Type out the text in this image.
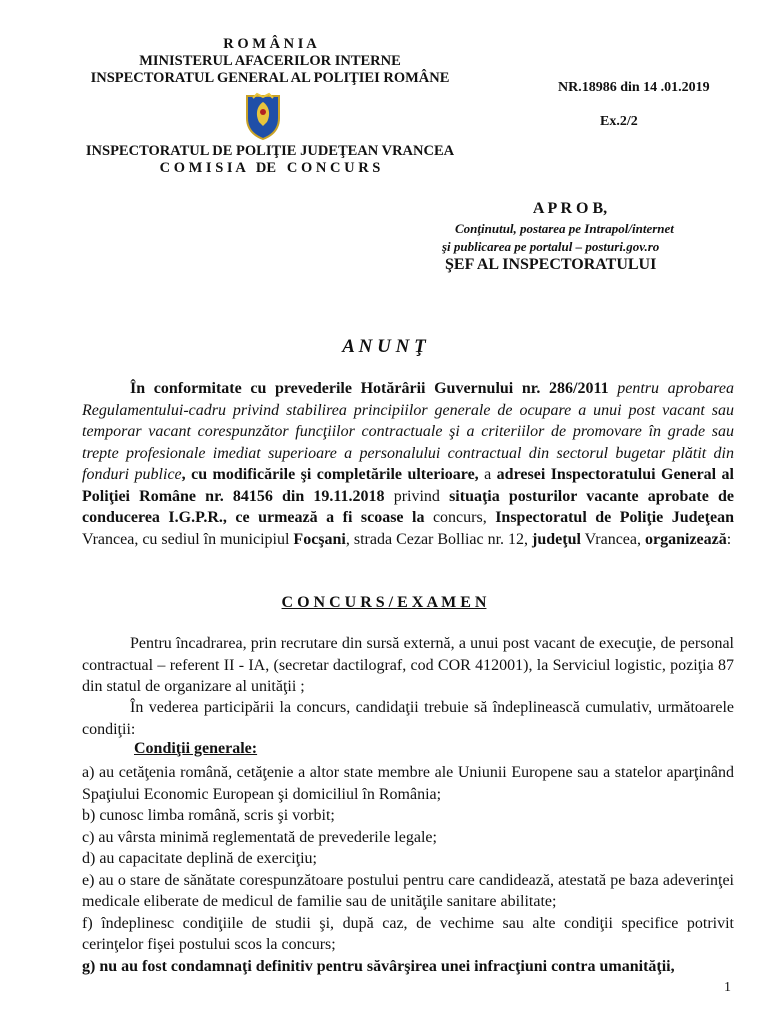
R O M Â N I A
MINISTERUL AFACERILOR INTERNE
INSPECTORATUL GENERAL AL POLIŢIEI ROMÂNE
INSPECTORATUL DE POLIŢIE JUDEŢEAN VRANCEA
C O M I S I A   DE   C O N C U R S
NR.18986 din 14 .01.2019
Ex.2/2
A P R O B,
Conţinutul, postarea pe Intrapol/internet
şi publicarea pe portalul – posturi.gov.ro
ŞEF AL INSPECTORATULUI
A N U N Ţ
În conformitate cu prevederile Hotărârii Guvernului nr. 286/2011 pentru aprobarea Regulamentului-cadru privind stabilirea principiilor generale de ocupare a unui post vacant sau temporar vacant corespunzător funcţiilor contractuale şi a criteriilor de promovare în grade sau trepte profesionale imediat superioare a personalului contractual din sectorul bugetar plătit din fonduri publice, cu modificările şi completările ulterioare, a adresei Inspectoratului General al Poliţiei Române nr. 84156 din 19.11.2018 privind situaţia posturilor vacante aprobate de conducerea I.G.P.R., ce urmează a fi scoase la concurs, Inspectoratul de Poliţie Judeţean Vrancea, cu sediul în municipiul Focşani, strada Cezar Bolliac nr. 12, judeţul Vrancea, organizează:
C O N C U R S / E X A M E N
Pentru încadrarea, prin recrutare din sursă externă, a unui post vacant de execuţie, de personal contractual – referent II - IA, (secretar dactilograf, cod COR 412001), la Serviciul logistic, poziţia 87 din statul de organizare al unităţii ;
În vederea participării la concurs, candidaţii trebuie să îndeplinească cumulativ, următoarele condiţii:
Condiţii generale:
a) au cetăţenia română, cetăţenie a altor state membre ale Uniunii Europene sau a statelor aparţinând Spaţiului Economic European şi domiciliul în România;
b) cunosc limba română, scris şi vorbit;
c) au vârsta minimă reglementată de prevederile legale;
d) au capacitate deplină de exerciţiu;
e) au o stare de sănătate corespunzătoare postului pentru care candidează, atestată pe baza adeverinţei medicale eliberate de medicul de familie sau de unităţile sanitare abilitate;
f) îndeplinesc condiţiile de studii şi, după caz, de vechime sau alte condiţii specifice potrivit cerinţelor fişei postului scos la concurs;
g) nu au fost condamnaţi definitiv pentru săvârşirea unei infracţiuni contra umanităţii,
1
